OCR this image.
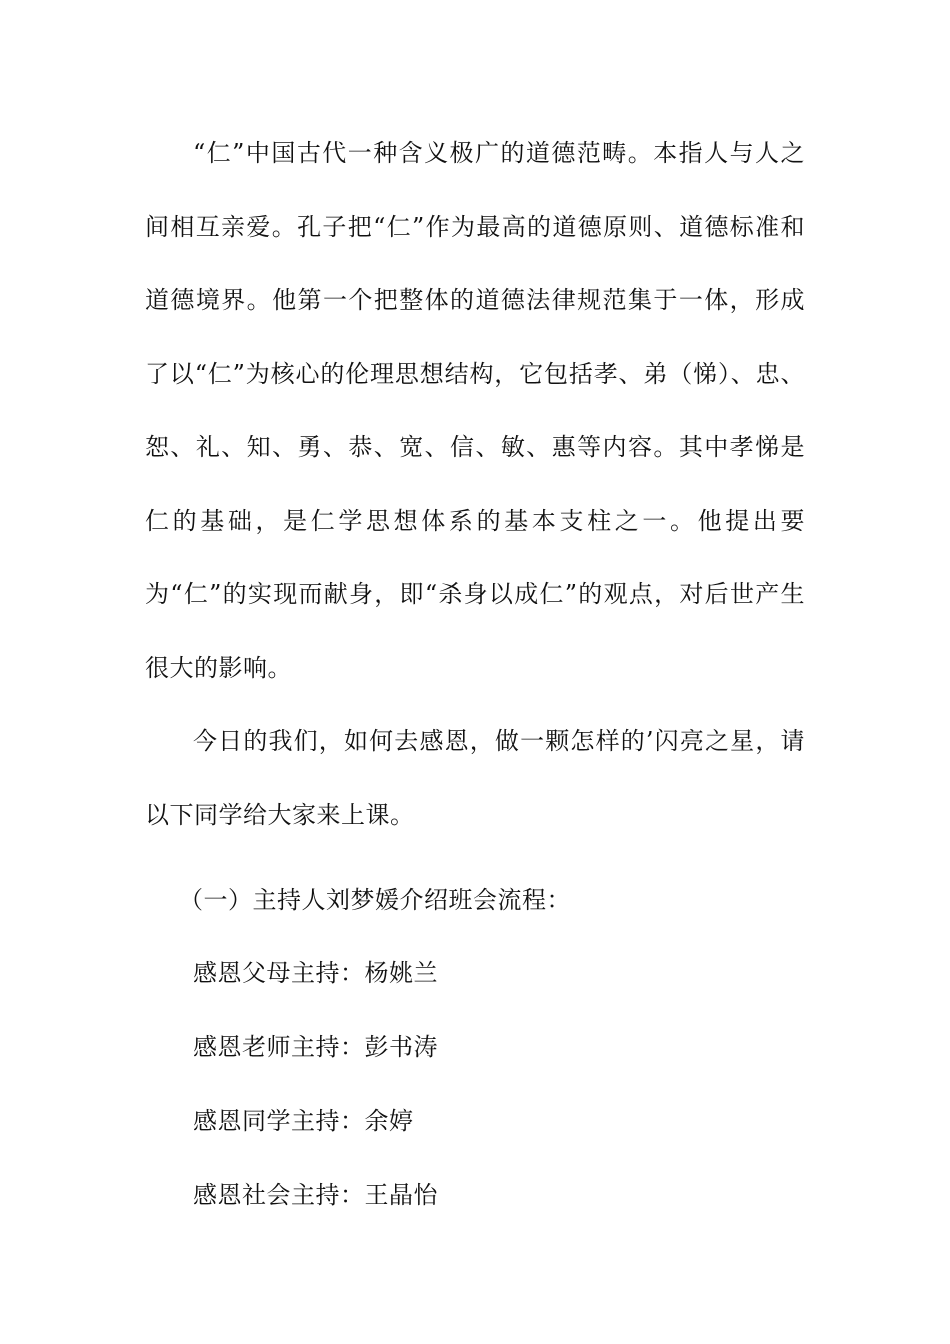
“仁”中国古代一种含义极广的道德范畴。本指人与人之间相互亲爱。孔子把“仁”作为最高的道德原则、道德标准和道德境界。他第一个把整体的道德法律规范集于一体，形成了以“仁”为核心的伦理思想结构，它包括孝、弟（悌）、忠、恕、礼、知、勇、恭、宽、信、敏、惠等内容。其中孝悌是仁的基础，是仁学思想体系的基本支柱之一。他提出要为“仁”的实现而献身，即“杀身以成仁”的观点，对后世产生很大的影响。

今日的我们，如何去感恩，做一颗怎样的’闪亮之星，请以下同学给大家来上课。

（一）主持人刘梦媛介绍班会流程：

感恩父母主持：杨姚兰

感恩老师主持：彭书涛

感恩同学主持：余婷

感恩社会主持：王晶怡
